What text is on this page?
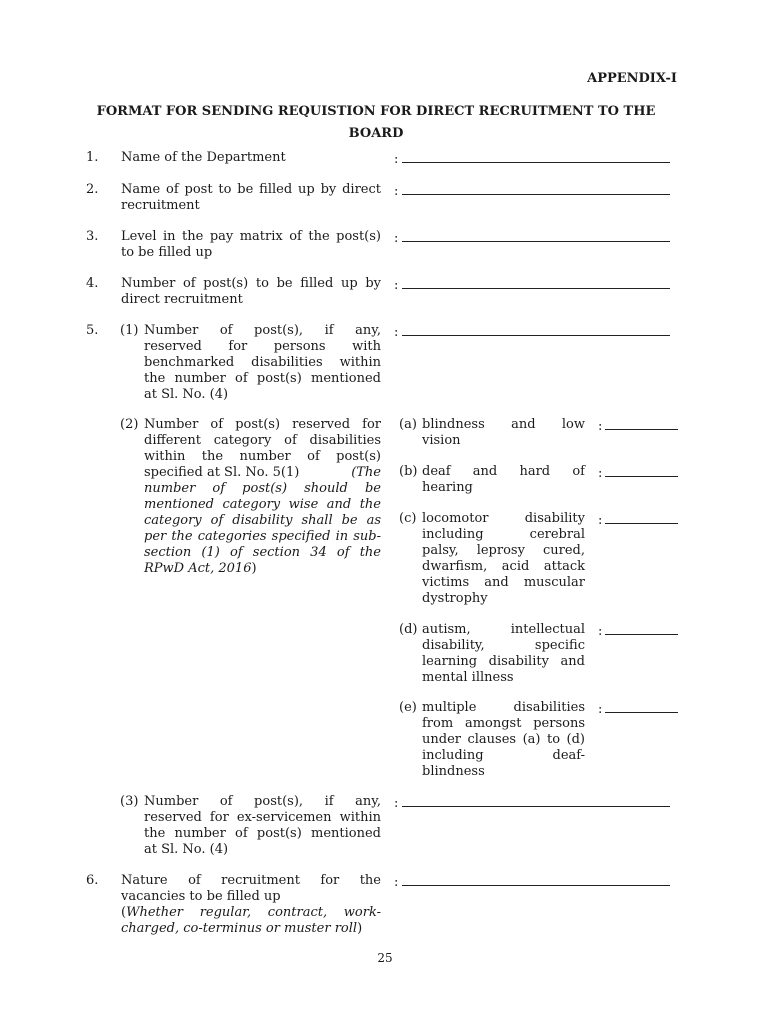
APPENDIX-I
FORMAT FOR SENDING REQUISTION FOR DIRECT RECRUITMENT TO THE
BOARD
1.	Name of the Department	:
2.	Name of post to be filled up by direct
recruitment
:
3.	Level in the pay matrix of the post(s)
to be filled up
:
4.	Number of post(s) to be filled up by
direct recruitment
:
5.	(1) Number of post(s), if any,
reserved for persons with
benchmarked disabilities within
the number of post(s) mentioned
at Sl. No. (4)
:
(2) Number of post(s) reserved for
different category of disabilities
within the number of post(s)
specified at Sl. No. 5(1)	(The
number of post(s) should be
mentioned category wise and the
category of disability shall be as
per the categories specified in sub-
section (1) of section 34 of the
RPwD Act, 2016)
(a) blindness and low
vision
:
(b) deaf and hard of
hearing
:
(c) locomotor disability
including cerebral
palsy, leprosy cured,
dwarfism, acid attack
victims and muscular
dystrophy
:
(d) autism, intellectual
disability, specific
learning disability and
mental illness
:
(e) multiple disabilities
from amongst persons
under clauses (a) to (d)
including deaf-
blindness
:
(3) Number of post(s), if any,
reserved for ex-servicemen within
the number of post(s) mentioned
at Sl. No. (4)
:
6.	Nature of recruitment for the
vacancies to be filled up
(Whether regular, contract, work-
charged, co-terminus or muster roll)
:
25
